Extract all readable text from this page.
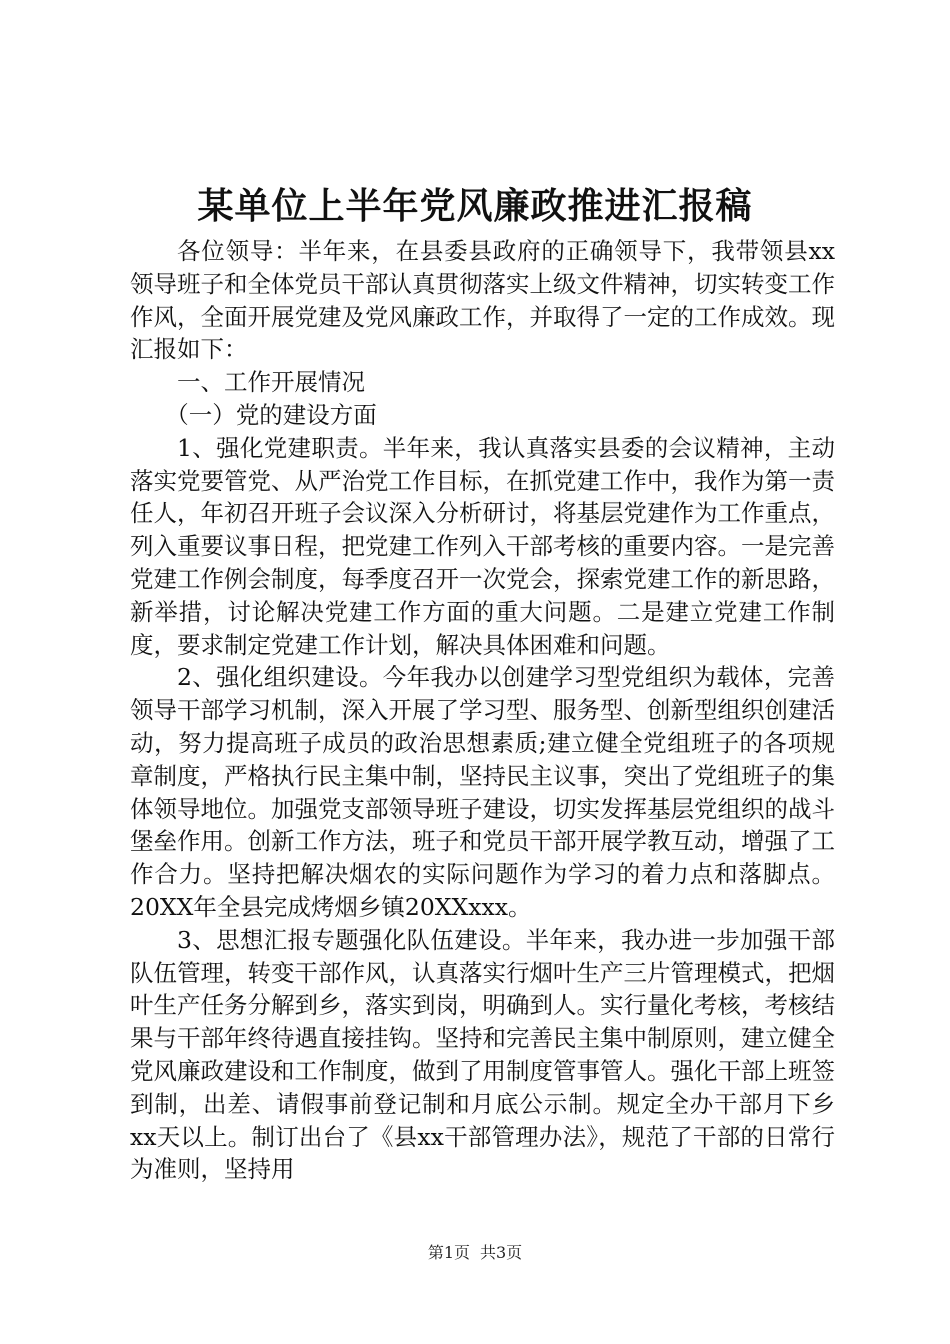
某单位上半年党风廉政推进汇报稿

各位领导：半年来，在县委县政府的正确领导下，我带领县xx领导班子和全体党员干部认真贯彻落实上级文件精神，切实转变工作作风，全面开展党建及党风廉政工作，并取得了一定的工作成效。现汇报如下：

一、工作开展情况

（一）党的建设方面

1、强化党建职责。半年来，我认真落实县委的会议精神，主动落实党要管党、从严治党工作目标，在抓党建工作中，我作为第一责任人，年初召开班子会议深入分析研讨，将基层党建作为工作重点，列入重要议事日程，把党建工作列入干部考核的重要内容。一是完善党建工作例会制度，每季度召开一次党会，探索党建工作的新思路，新举措，讨论解决党建工作方面的重大问题。二是建立党建工作制度，要求制定党建工作计划，解决具体困难和问题。

2、强化组织建设。今年我办以创建学习型党组织为载体，完善领导干部学习机制，深入开展了学习型、服务型、创新型组织创建活动，努力提高班子成员的政治思想素质;建立健全党组班子的各项规章制度，严格执行民主集中制，坚持民主议事，突出了党组班子的集体领导地位。加强党支部领导班子建设，切实发挥基层党组织的战斗堡垒作用。创新工作方法，班子和党员干部开展学教互动，增强了工作合力。坚持把解决烟农的实际问题作为学习的着力点和落脚点。20XX年全县完成烤烟乡镇20XXxxx。

3、思想汇报专题强化队伍建设。半年来，我办进一步加强干部队伍管理，转变干部作风，认真落实行烟叶生产三片管理模式，把烟叶生产任务分解到乡，落实到岗，明确到人。实行量化考核，考核结果与干部年终待遇直接挂钩。坚持和完善民主集中制原则，建立健全党风廉政建设和工作制度，做到了用制度管事管人。强化干部上班签到制，出差、请假事前登记制和月底公示制。规定全办干部月下乡xx天以上。制订出台了《县xx干部管理办法》，规范了干部的日常行为准则，坚持用

第1页 共3页
